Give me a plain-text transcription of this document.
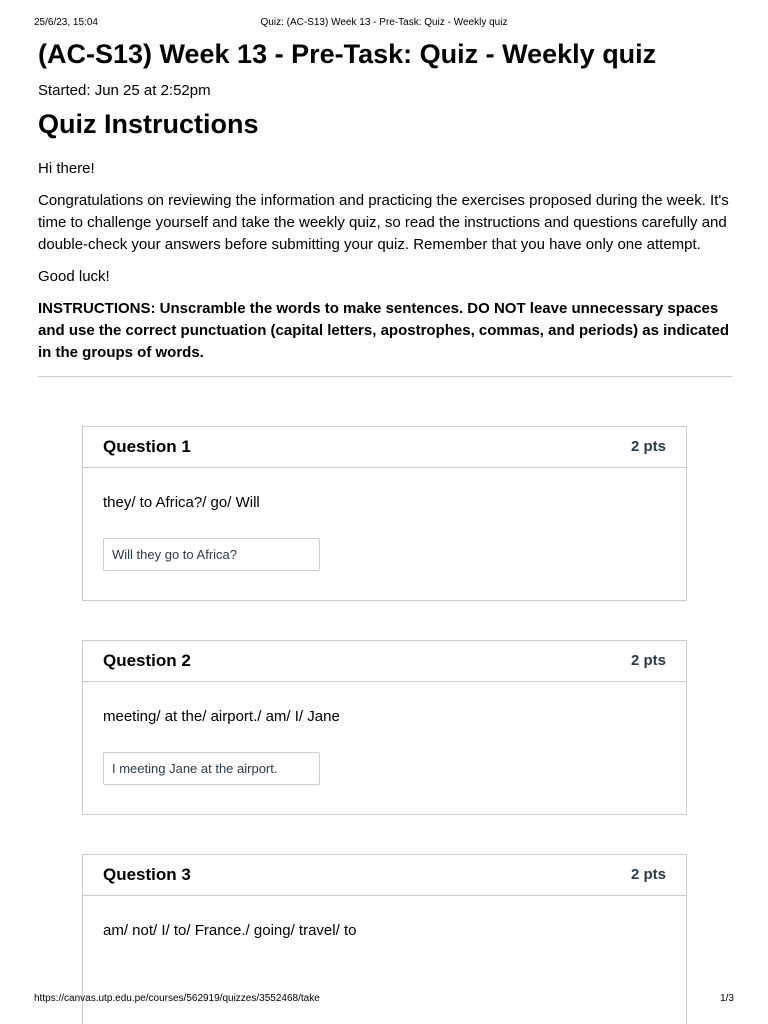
25/6/23, 15:04	Quiz: (AC-S13) Week 13 - Pre-Task: Quiz - Weekly quiz
(AC-S13) Week 13 - Pre-Task: Quiz - Weekly quiz
Started: Jun 25 at 2:52pm
Quiz Instructions

Hi there!

Congratulations on reviewing the information and practicing the exercises proposed during the week. It's time to challenge yourself and take the weekly quiz, so read the instructions and questions carefully and double-check your answers before submitting your quiz. Remember that you have only one attempt.

Good luck!

INSTRUCTIONS: Unscramble the words to make sentences. DO NOT leave unnecessary spaces and use the correct punctuation (capital letters, apostrophes, commas, and periods) as indicated in the groups of words.

Question 1	2 pts
they/ to Africa?/ go/ Will
Will they go to Africa?
Question 2	2 pts
meeting/ at the/ airport./ am/ I/ Jane
I meeting Jane at the airport.
Question 3	2 pts
am/ not/ I/ to/ France./ going/ travel/ to
https://canvas.utp.edu.pe/courses/562919/quizzes/3552468/take	1/3
